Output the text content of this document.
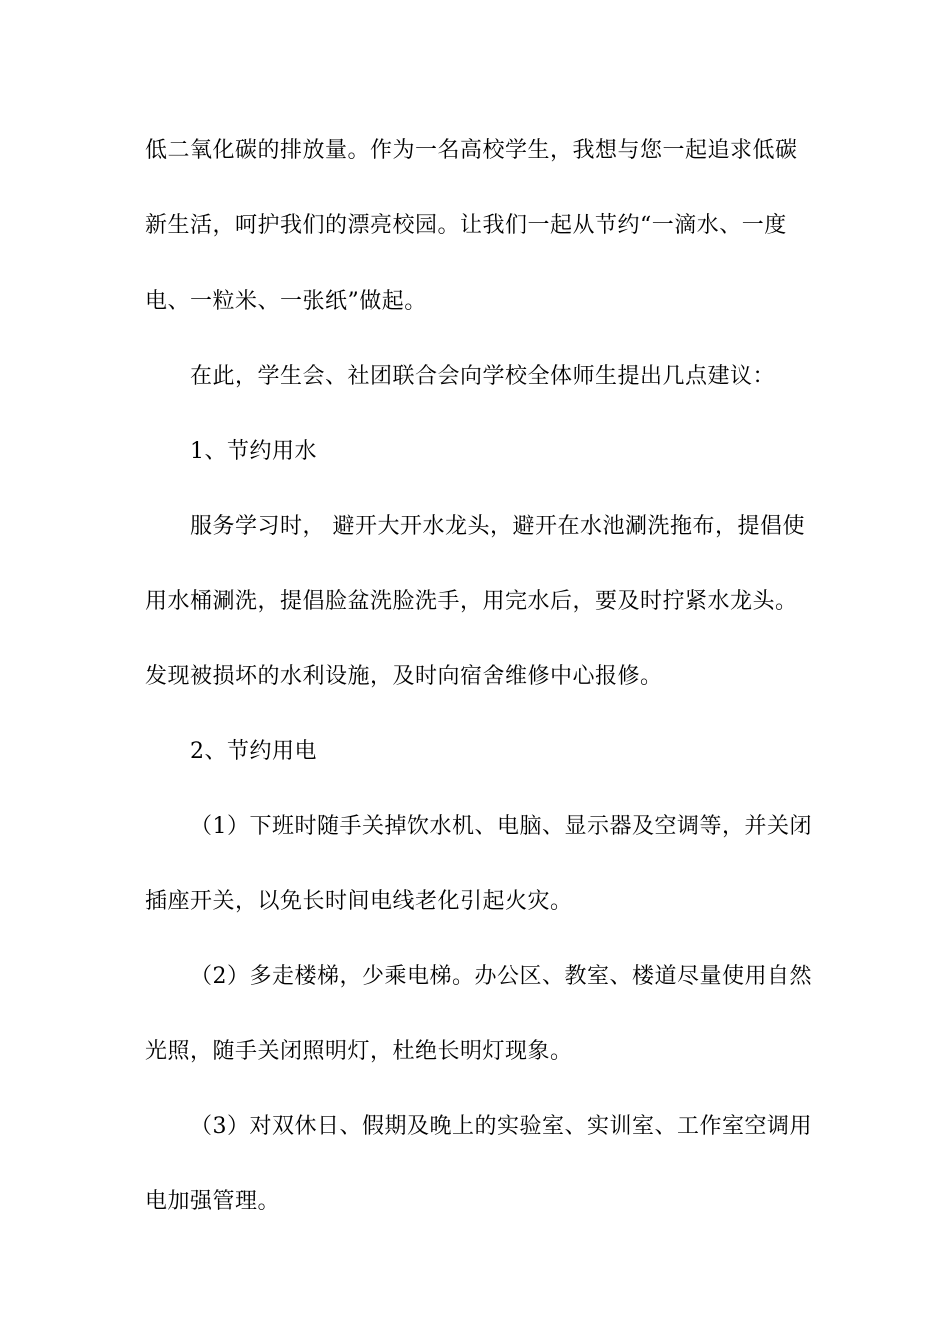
低二氧化碳的排放量。作为一名高校学生，我想与您一起追求低碳
新生活，呵护我们的漂亮校园。让我们一起从节约“一滴水、一度
电、一粒米、一张纸”做起。
在此，学生会、社团联合会向学校全体师生提出几点建议：
1、节约用水
服务学习时， 避开大开水龙头，避开在水池涮洗拖布，提倡使
用水桶涮洗，提倡脸盆洗脸洗手，用完水后，要及时拧紧水龙头。
发现被损坏的水利设施，及时向宿舍维修中心报修。
2、节约用电
（1）下班时随手关掉饮水机、电脑、显示器及空调等，并关闭
插座开关，以免长时间电线老化引起火灾。
（2）多走楼梯，少乘电梯。办公区、教室、楼道尽量使用自然
光照，随手关闭照明灯，杜绝长明灯现象。
（3）对双休日、假期及晚上的实验室、实训室、工作室空调用
电加强管理。
